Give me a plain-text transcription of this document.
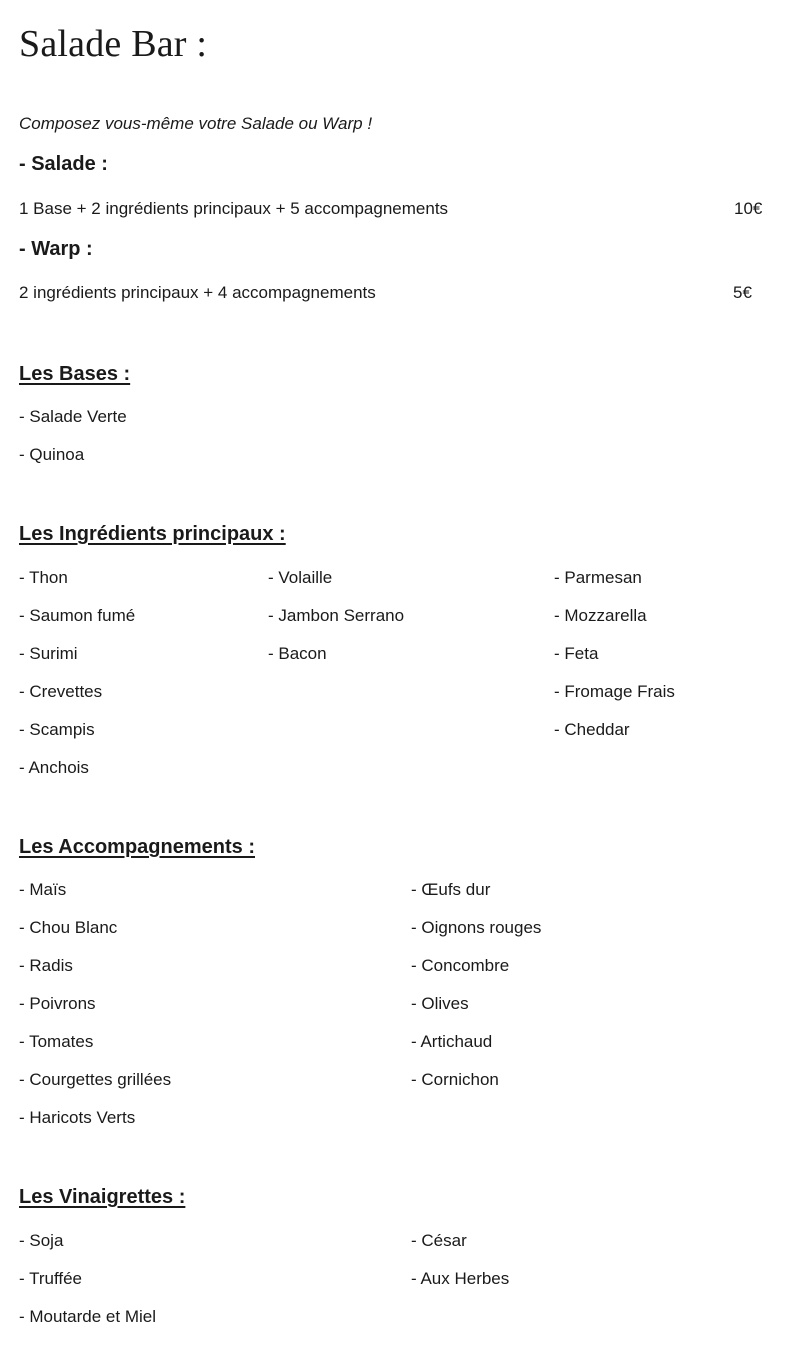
Salade Bar :
Composez vous-même votre Salade ou Warp !
- Salade :
1 Base + 2 ingrédients principaux + 5 accompagnements	10€
- Warp :
2 ingrédients principaux + 4 accompagnements	5€
Les Bases :
- Salade Verte
- Quinoa
Les Ingrédients principaux :
- Thon
- Saumon fumé
- Surimi
- Crevettes
- Scampis
- Anchois
- Volaille
- Jambon Serrano
- Bacon
- Parmesan
- Mozzarella
- Feta
- Fromage Frais
- Cheddar
Les Accompagnements :
- Maïs
- Chou Blanc
- Radis
- Poivrons
- Tomates
- Courgettes grillées
- Haricots Verts
- Œufs dur
- Oignons rouges
- Concombre
- Olives
- Artichaud
- Cornichon
Les Vinaigrettes :
- Soja
- Truffée
- Moutarde et Miel
- César
- Aux Herbes
